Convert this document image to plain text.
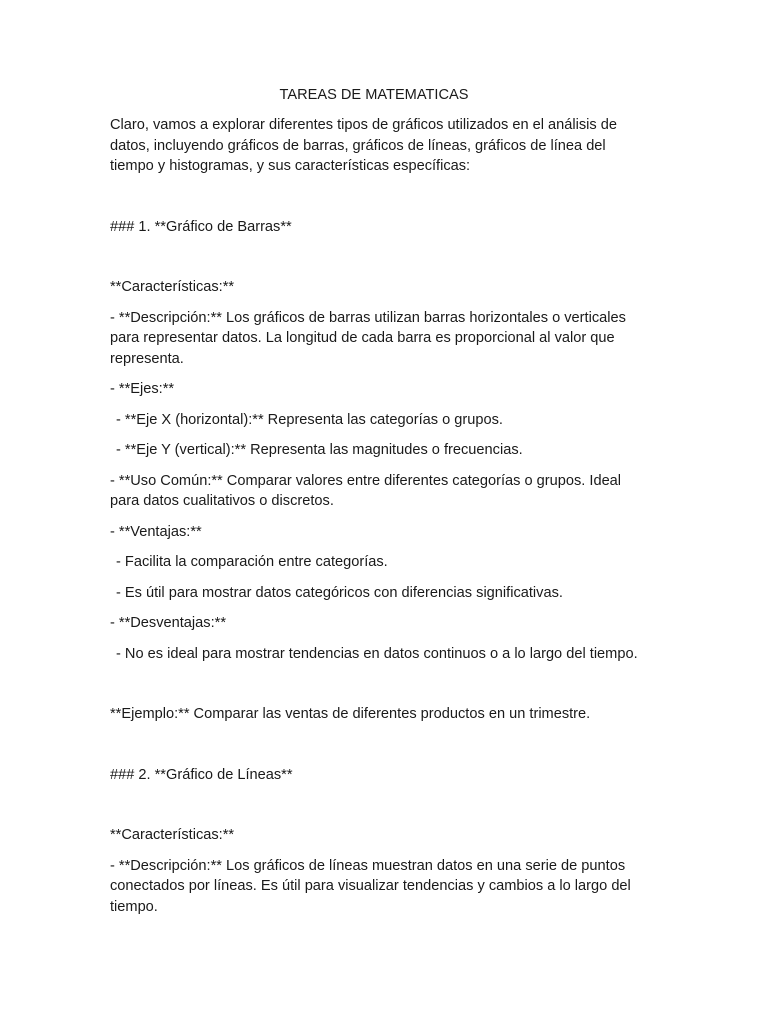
TAREAS DE MATEMATICAS

Claro, vamos a explorar diferentes tipos de gráficos utilizados en el análisis de datos, incluyendo gráficos de barras, gráficos de líneas, gráficos de línea del tiempo y histogramas, y sus características específicas:

### 1. **Gráfico de Barras**

**Características:**

- **Descripción:** Los gráficos de barras utilizan barras horizontales o verticales para representar datos. La longitud de cada barra es proporcional al valor que representa.

- **Ejes:**

- **Eje X (horizontal):** Representa las categorías o grupos.

- **Eje Y (vertical):** Representa las magnitudes o frecuencias.

- **Uso Común:** Comparar valores entre diferentes categorías o grupos. Ideal para datos cualitativos o discretos.

- **Ventajas:**

- Facilita la comparación entre categorías.

- Es útil para mostrar datos categóricos con diferencias significativas.

- **Desventajas:**

- No es ideal para mostrar tendencias en datos continuos o a lo largo del tiempo.

**Ejemplo:** Comparar las ventas de diferentes productos en un trimestre.

### 2. **Gráfico de Líneas**

**Características:**

- **Descripción:** Los gráficos de líneas muestran datos en una serie de puntos conectados por líneas. Es útil para visualizar tendencias y cambios a lo largo del tiempo.
